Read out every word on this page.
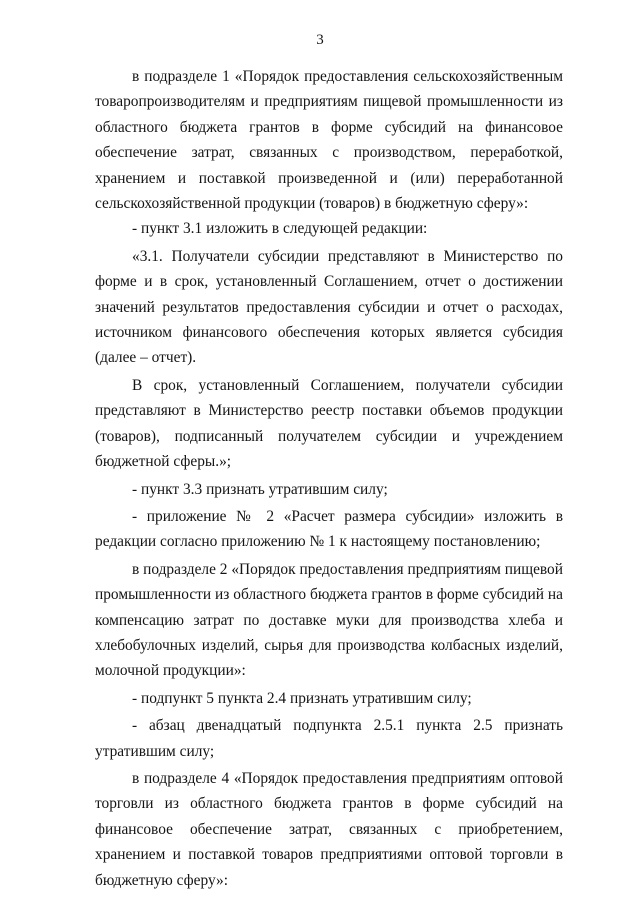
3

в подразделе 1 «Порядок предоставления сельскохозяйственным товаропроизводителям и предприятиям пищевой промышленности из областного бюджета грантов в форме субсидий на финансовое обеспечение затрат, связанных с производством, переработкой, хранением и поставкой произведенной и (или) переработанной сельскохозяйственной продукции (товаров) в бюджетную сферу»:

- пункт 3.1 изложить в следующей редакции:

«3.1. Получатели субсидии представляют в Министерство по форме и в срок, установленный Соглашением, отчет о достижении значений результатов предоставления субсидии и отчет о расходах, источником финансового обеспечения которых является субсидия (далее – отчет).

В срок, установленный Соглашением, получатели субсидии представляют в Министерство реестр поставки объемов продукции (товаров), подписанный получателем субсидии и учреждением бюджетной сферы.»;

- пункт 3.3 признать утратившим силу;

- приложение № 2 «Расчет размера субсидии» изложить в редакции согласно приложению № 1 к настоящему постановлению;

в подразделе 2 «Порядок предоставления предприятиям пищевой промышленности из областного бюджета грантов в форме субсидий на компенсацию затрат по доставке муки для производства хлеба и хлебобулочных изделий, сырья для производства колбасных изделий, молочной продукции»:

- подпункт 5 пункта 2.4 признать утратившим силу;

- абзац двенадцатый подпункта 2.5.1 пункта 2.5 признать утратившим силу;

в подразделе 4 «Порядок предоставления предприятиям оптовой торговли из областного бюджета грантов в форме субсидий на финансовое обеспечение затрат, связанных с приобретением, хранением и поставкой товаров предприятиями оптовой торговли в бюджетную сферу»:
